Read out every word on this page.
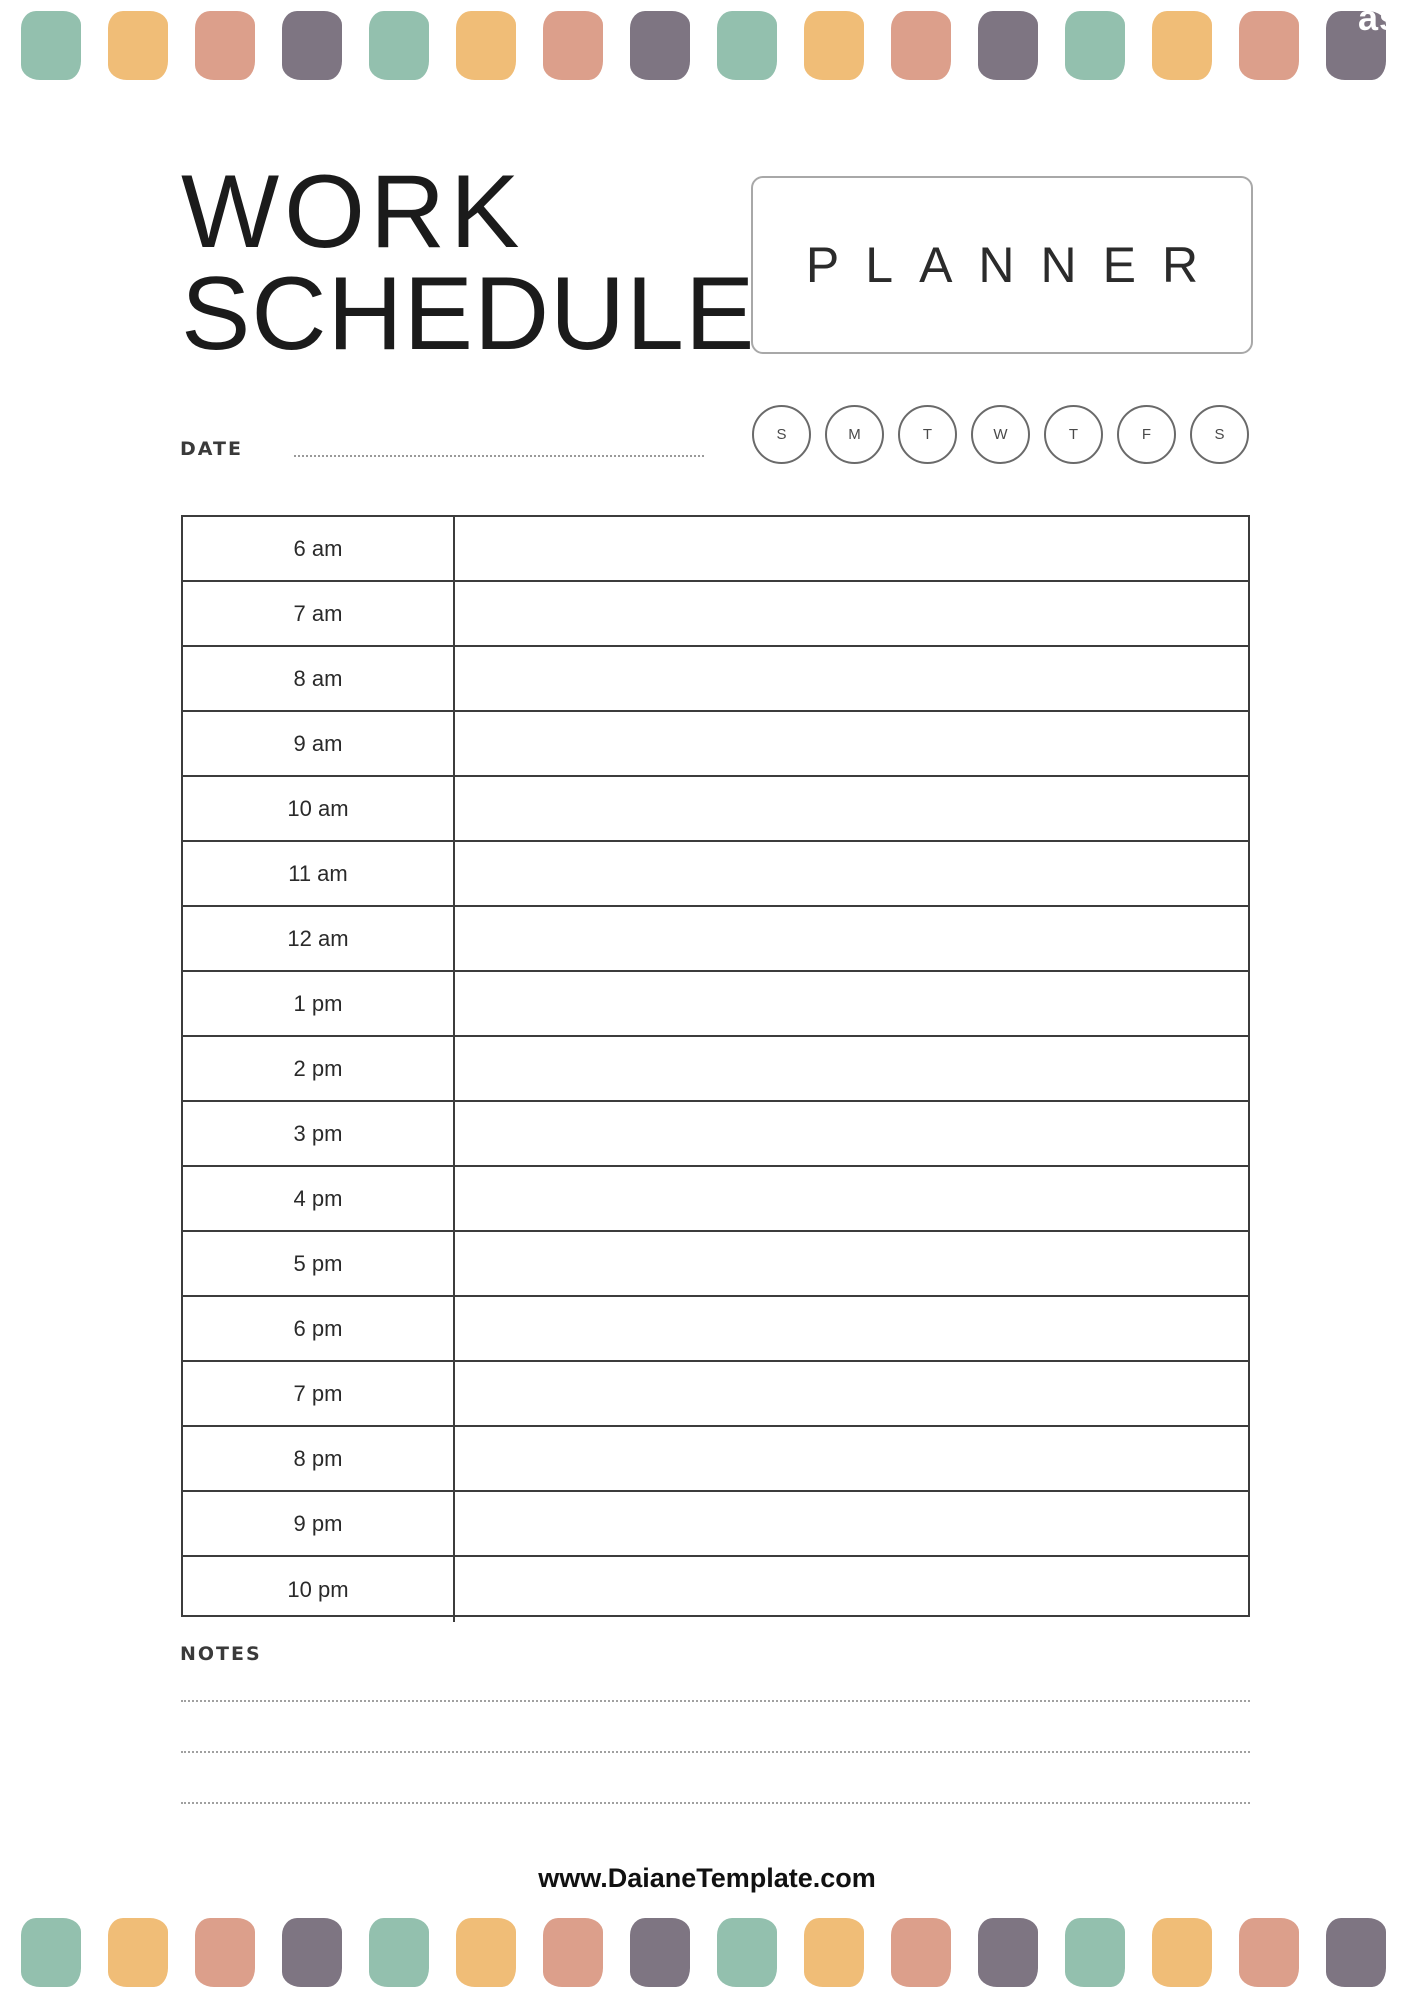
as
WORK
SCHEDULE	PLANNER
DATE
S	M	T	W	T	F	S
6 am
7 am
8 am
9 am
10 am
11 am
12 am
1 pm
2 pm
3 pm
4 pm
5 pm
6 pm
7 pm
8 pm
9 pm
10 pm
NOTES
www.DaianeTemplate.com
